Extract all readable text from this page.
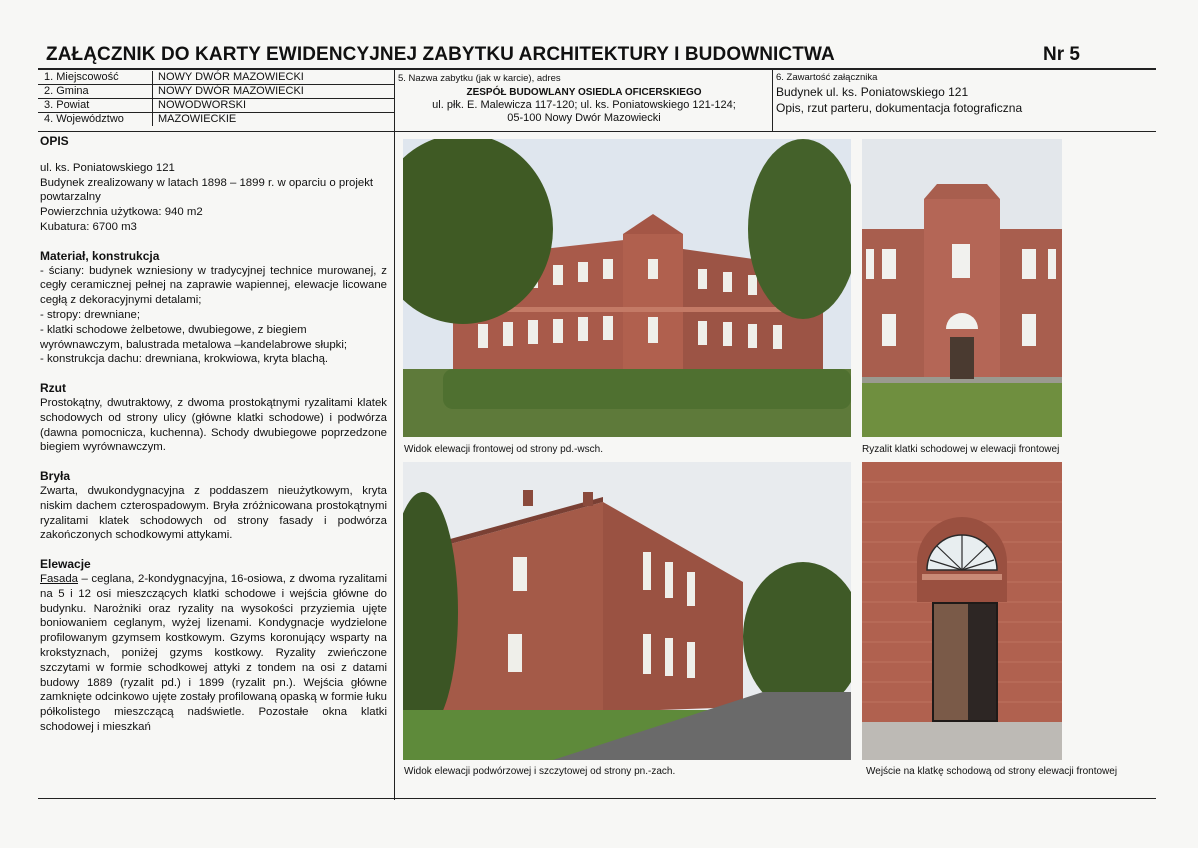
ZAŁĄCZNIK DO KARTY EWIDENCYJNEJ ZABYTKU ARCHITEKTURY I BUDOWNICTWA	Nr 5
1. Miejscowość	NOWY DWÓR MAZOWIECKI
2. Gmina	NOWY DWÓR MAZOWIECKI
3. Powiat	NOWODWORSKI
4. Województwo	MAZOWIECKIE
5. Nazwa zabytku (jak w karcie), adres
ZESPÓŁ BUDOWLANY OSIEDLA OFICERSKIEGO
ul. płk. E. Malewicza 117-120; ul. ks. Poniatowskiego 121-124;
05-100 Nowy Dwór Mazowiecki
6. Zawartość załącznika
Budynek ul. ks. Poniatowskiego 121
Opis, rzut parteru, dokumentacja fotograficzna

OPIS

ul. ks. Poniatowskiego 121

Budynek zrealizowany w latach 1898 – 1899 r. w oparciu o projekt powtarzalny

Powierzchnia użytkowa: 940 m2

Kubatura: 6700 m3

Materiał, konstrukcja

- ściany: budynek wzniesiony w tradycyjnej technice murowanej, z cegły ceramicznej pełnej na zaprawie wapiennej, elewacje licowane cegłą z dekoracyjnymi detalami;

- stropy: drewniane;

- klatki schodowe żelbetowe, dwubiegowe, z biegiem wyrównawczym, balustrada metalowa –kandelabrowe słupki;

- konstrukcja dachu: drewniana, krokwiowa, kryta blachą.

Rzut

Prostokątny, dwutraktowy, z dwoma prostokątnymi ryzalitami klatek schodowych od strony ulicy (główne klatki schodowe) i podwórza (dawna pomocnicza, kuchenna). Schody dwubiegowe poprzedzone biegiem wyrównawczym.

Bryła

Zwarta, dwukondygnacyjna z poddaszem nieużytkowym, kryta niskim dachem czterospadowym. Bryła zróżnicowana prostokątnymi ryzalitami klatek schodowych od strony fasady i podwórza zakończonych schodkowymi attykami.

Elewacje

Fasada – ceglana, 2-kondygnacyjna, 16-osiowa, z dwoma ryzalitami na 5 i 12 osi mieszczących klatki schodowe i wejścia główne do budynku. Narożniki oraz ryzality na wysokości przyziemia ujęte boniowaniem ceglanym, wyżej lizenami. Kondygnacje wydzielone profilowanym gzymsem kostkowym. Gzyms koronujący wsparty na krokstyznach, poniżej gzyms kostkowy. Ryzality zwieńczone szczytami w formie schodkowej attyki z tondem na osi z datami budowy 1889 (ryzalit pd.) i 1899 (ryzalit pn.). Wejścia główne zamknięte odcinkowo ujęte zostały profilowaną opaską w formie łuku półkolistego mieszczącą nadświetle. Pozostałe okna klatki schodowej i mieszkań

Widok elewacji frontowej od strony pd.-wsch.	Ryzalit klatki schodowej w elewacji frontowej
Widok elewacji podwórzowej i szczytowej od strony pn.-zach.	Wejście na klatkę schodową od strony elewacji frontowej
